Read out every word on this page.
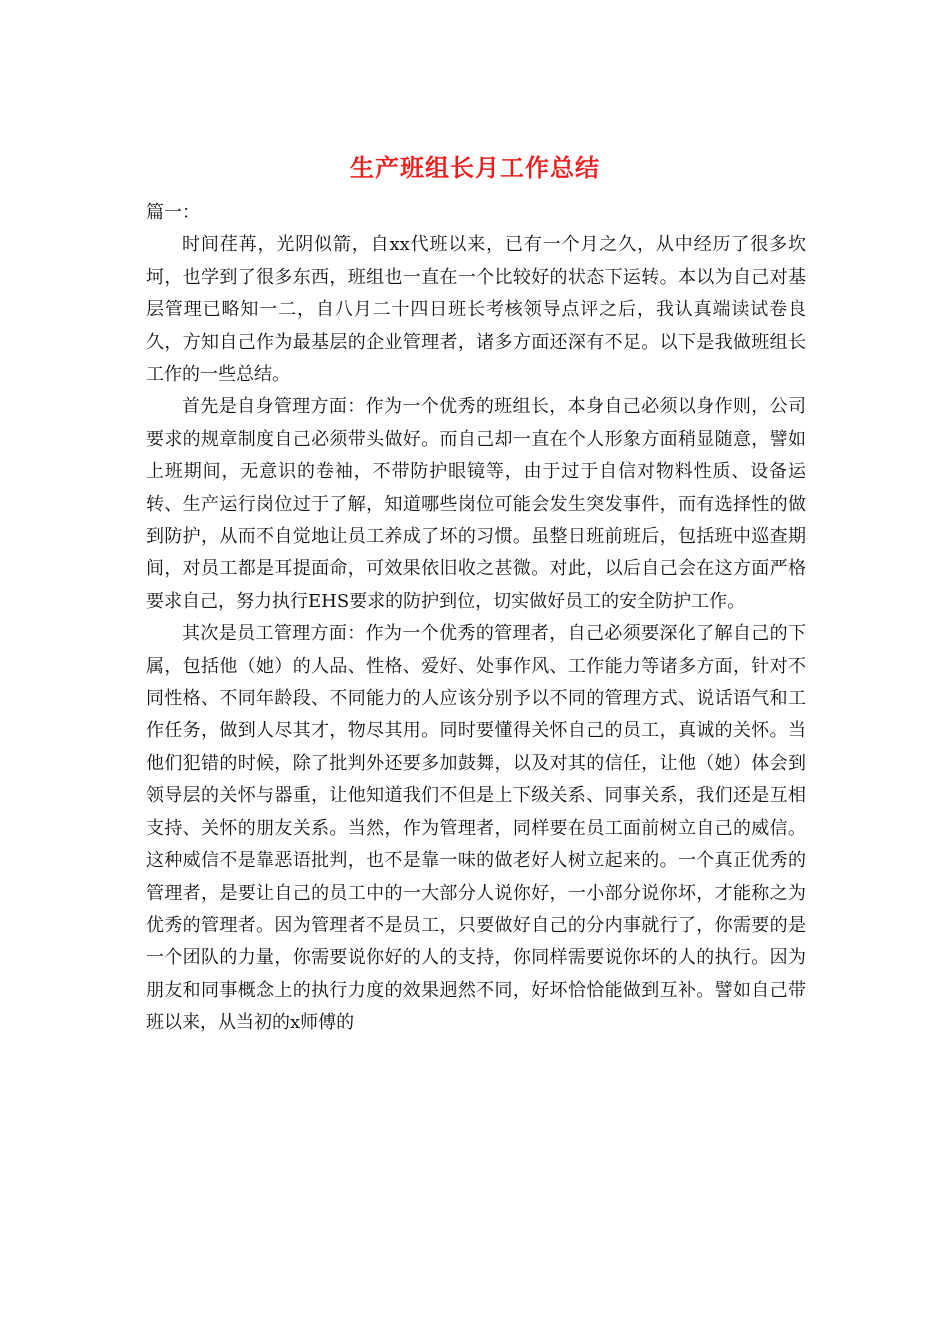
生产班组长月工作总结

篇一：

时间荏苒，光阴似箭，自xx代班以来，已有一个月之久，从中经历了很多坎坷，也学到了很多东西，班组也一直在一个比较好的状态下运转。本以为自己对基层管理已略知一二，自八月二十四日班长考核领导点评之后，我认真端读试卷良久，方知自己作为最基层的企业管理者，诸多方面还深有不足。以下是我做班组长工作的一些总结。

首先是自身管理方面：作为一个优秀的班组长，本身自己必须以身作则，公司要求的规章制度自己必须带头做好。而自己却一直在个人形象方面稍显随意，譬如上班期间，无意识的卷袖，不带防护眼镜等，由于过于自信对物料性质、设备运转、生产运行岗位过于了解，知道哪些岗位可能会发生突发事件，而有选择性的做到防护，从而不自觉地让员工养成了坏的习惯。虽整日班前班后，包括班中巡查期间，对员工都是耳提面命，可效果依旧收之甚微。对此，以后自己会在这方面严格要求自己，努力执行EHS要求的防护到位，切实做好员工的安全防护工作。

其次是员工管理方面：作为一个优秀的管理者，自己必须要深化了解自己的下属，包括他（她）的人品、性格、爱好、处事作风、工作能力等诸多方面，针对不同性格、不同年龄段、不同能力的人应该分别予以不同的管理方式、说话语气和工作任务，做到人尽其才，物尽其用。同时要懂得关怀自己的员工，真诚的关怀。当他们犯错的时候，除了批判外还要多加鼓舞，以及对其的信任，让他（她）体会到领导层的关怀与器重，让他知道我们不但是上下级关系、同事关系，我们还是互相支持、关怀的朋友关系。当然，作为管理者，同样要在员工面前树立自己的威信。这种威信不是靠恶语批判，也不是靠一味的做老好人树立起来的。一个真正优秀的管理者，是要让自己的员工中的一大部分人说你好，一小部分说你坏，才能称之为优秀的管理者。因为管理者不是员工，只要做好自己的分内事就行了，你需要的是一个团队的力量，你需要说你好的人的支持，你同样需要说你坏的人的执行。因为朋友和同事概念上的执行力度的效果迥然不同，好坏恰恰能做到互补。譬如自己带班以来，从当初的x师傅的
